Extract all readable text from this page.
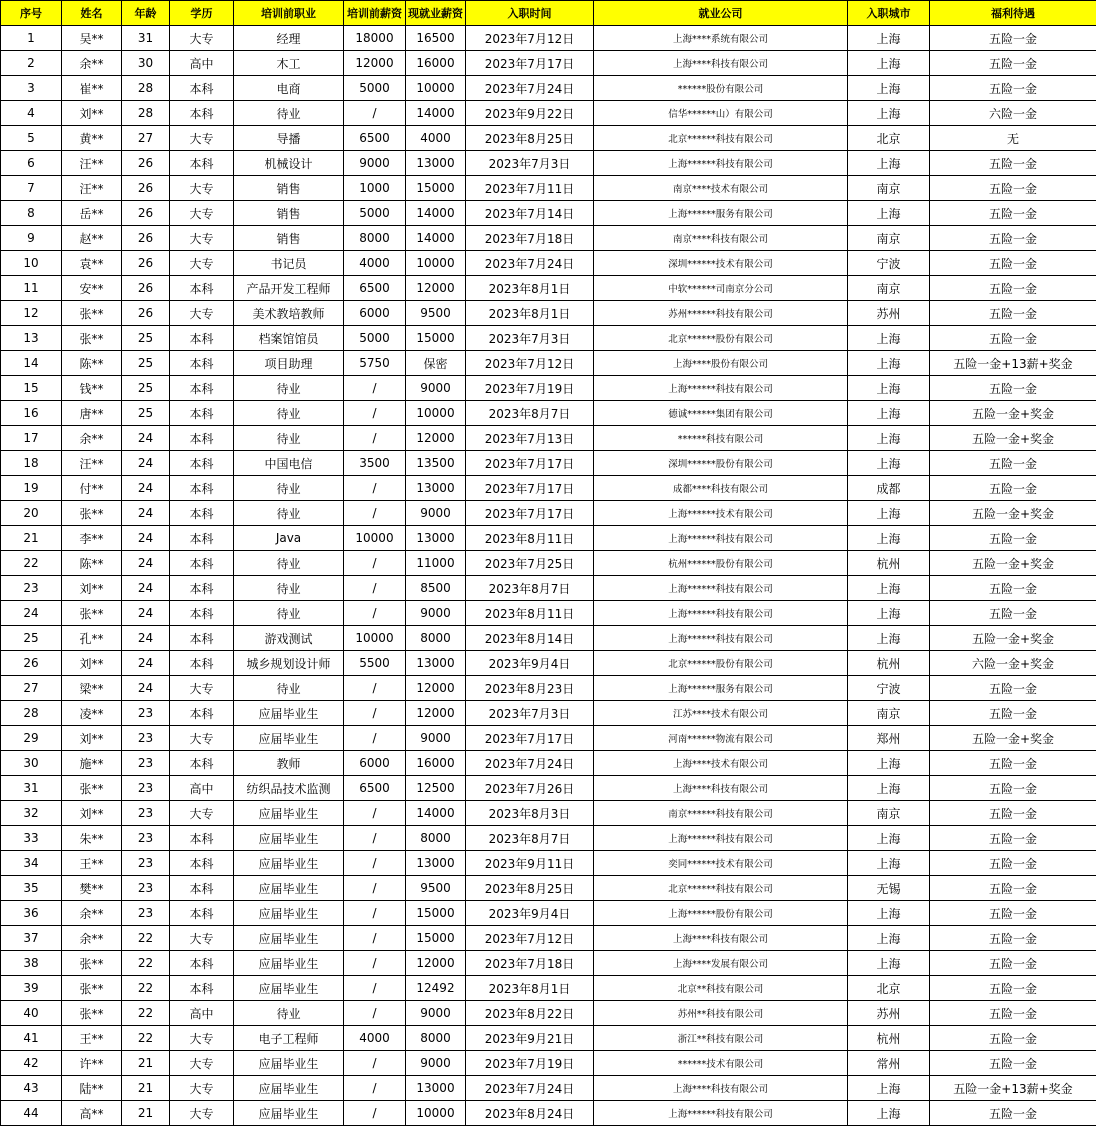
序号	姓名	年龄	学历	培训前职业	培训前薪资	现就业薪资	入职时间	就业公司	入职城市	福利待遇
1	吴**	31	大专	经理	18000	16500	2023年7月12日	上海****系统有限公司	上海	五险一金
2	余**	30	高中	木工	12000	16000	2023年7月17日	上海****科技有限公司	上海	五险一金
3	崔**	28	本科	电商	5000	10000	2023年7月24日	******股份有限公司	上海	五险一金
4	刘**	28	本科	待业	/	14000	2023年9月22日	信华******山）有限公司	上海	六险一金
5	黄**	27	大专	导播	6500	4000	2023年8月25日	北京******科技有限公司	北京	无
6	汪**	26	本科	机械设计	9000	13000	2023年7月3日	上海******科技有限公司	上海	五险一金
7	汪**	26	大专	销售	1000	15000	2023年7月11日	南京****技术有限公司	南京	五险一金
8	岳**	26	大专	销售	5000	14000	2023年7月14日	上海******服务有限公司	上海	五险一金
9	赵**	26	大专	销售	8000	14000	2023年7月18日	南京****科技有限公司	南京	五险一金
10	袁**	26	大专	书记员	4000	10000	2023年7月24日	深圳******技术有限公司	宁波	五险一金
11	安**	26	本科	产品开发工程师	6500	12000	2023年8月1日	中软******司南京分公司	南京	五险一金
12	张**	26	大专	美术教培教师	6000	9500	2023年8月1日	苏州******科技有限公司	苏州	五险一金
13	张**	25	本科	档案馆馆员	5000	15000	2023年7月3日	北京******股份有限公司	上海	五险一金
14	陈**	25	本科	项目助理	5750	保密	2023年7月12日	上海****股份有限公司	上海	五险一金+13薪+奖金
15	钱**	25	本科	待业	/	9000	2023年7月19日	上海******科技有限公司	上海	五险一金
16	唐**	25	本科	待业	/	10000	2023年8月7日	德诚******集团有限公司	上海	五险一金+奖金
17	余**	24	本科	待业	/	12000	2023年7月13日	******科技有限公司	上海	五险一金+奖金
18	汪**	24	本科	中国电信	3500	13500	2023年7月17日	深圳******股份有限公司	上海	五险一金
19	付**	24	本科	待业	/	13000	2023年7月17日	成都****科技有限公司	成都	五险一金
20	张**	24	本科	待业	/	9000	2023年7月17日	上海******技术有限公司	上海	五险一金+奖金
21	李**	24	本科	Java	10000	13000	2023年8月11日	上海******科技有限公司	上海	五险一金
22	陈**	24	本科	待业	/	11000	2023年7月25日	杭州******股份有限公司	杭州	五险一金+奖金
23	刘**	24	本科	待业	/	8500	2023年8月7日	上海******科技有限公司	上海	五险一金
24	张**	24	本科	待业	/	9000	2023年8月11日	上海******科技有限公司	上海	五险一金
25	孔**	24	本科	游戏测试	10000	8000	2023年8月14日	上海******科技有限公司	上海	五险一金+奖金
26	刘**	24	本科	城乡规划设计师	5500	13000	2023年9月4日	北京******股份有限公司	杭州	六险一金+奖金
27	梁**	24	大专	待业	/	12000	2023年8月23日	上海******服务有限公司	宁波	五险一金
28	凌**	23	本科	应届毕业生	/	12000	2023年7月3日	江苏****技术有限公司	南京	五险一金
29	刘**	23	大专	应届毕业生	/	9000	2023年7月17日	河南******物流有限公司	郑州	五险一金+奖金
30	施**	23	本科	教师	6000	16000	2023年7月24日	上海****技术有限公司	上海	五险一金
31	张**	23	高中	纺织品技术监测	6500	12500	2023年7月26日	上海****科技有限公司	上海	五险一金
32	刘**	23	大专	应届毕业生	/	14000	2023年8月3日	南京******科技有限公司	南京	五险一金
33	朱**	23	本科	应届毕业生	/	8000	2023年8月7日	上海******科技有限公司	上海	五险一金
34	王**	23	本科	应届毕业生	/	13000	2023年9月11日	奕同******技术有限公司	上海	五险一金
35	樊**	23	本科	应届毕业生	/	9500	2023年8月25日	北京******科技有限公司	无锡	五险一金
36	余**	23	本科	应届毕业生	/	15000	2023年9月4日	上海******股份有限公司	上海	五险一金
37	余**	22	大专	应届毕业生	/	15000	2023年7月12日	上海****科技有限公司	上海	五险一金
38	张**	22	本科	应届毕业生	/	12000	2023年7月18日	上海****发展有限公司	上海	五险一金
39	张**	22	本科	应届毕业生	/	12492	2023年8月1日	北京**科技有限公司	北京	五险一金
40	张**	22	高中	待业	/	9000	2023年8月22日	苏州**科技有限公司	苏州	五险一金
41	王**	22	大专	电子工程师	4000	8000	2023年9月21日	浙江**科技有限公司	杭州	五险一金
42	许**	21	大专	应届毕业生	/	9000	2023年7月19日	******技术有限公司	常州	五险一金
43	陆**	21	大专	应届毕业生	/	13000	2023年7月24日	上海****科技有限公司	上海	五险一金+13薪+奖金
44	高**	21	大专	应届毕业生	/	10000	2023年8月24日	上海******科技有限公司	上海	五险一金
